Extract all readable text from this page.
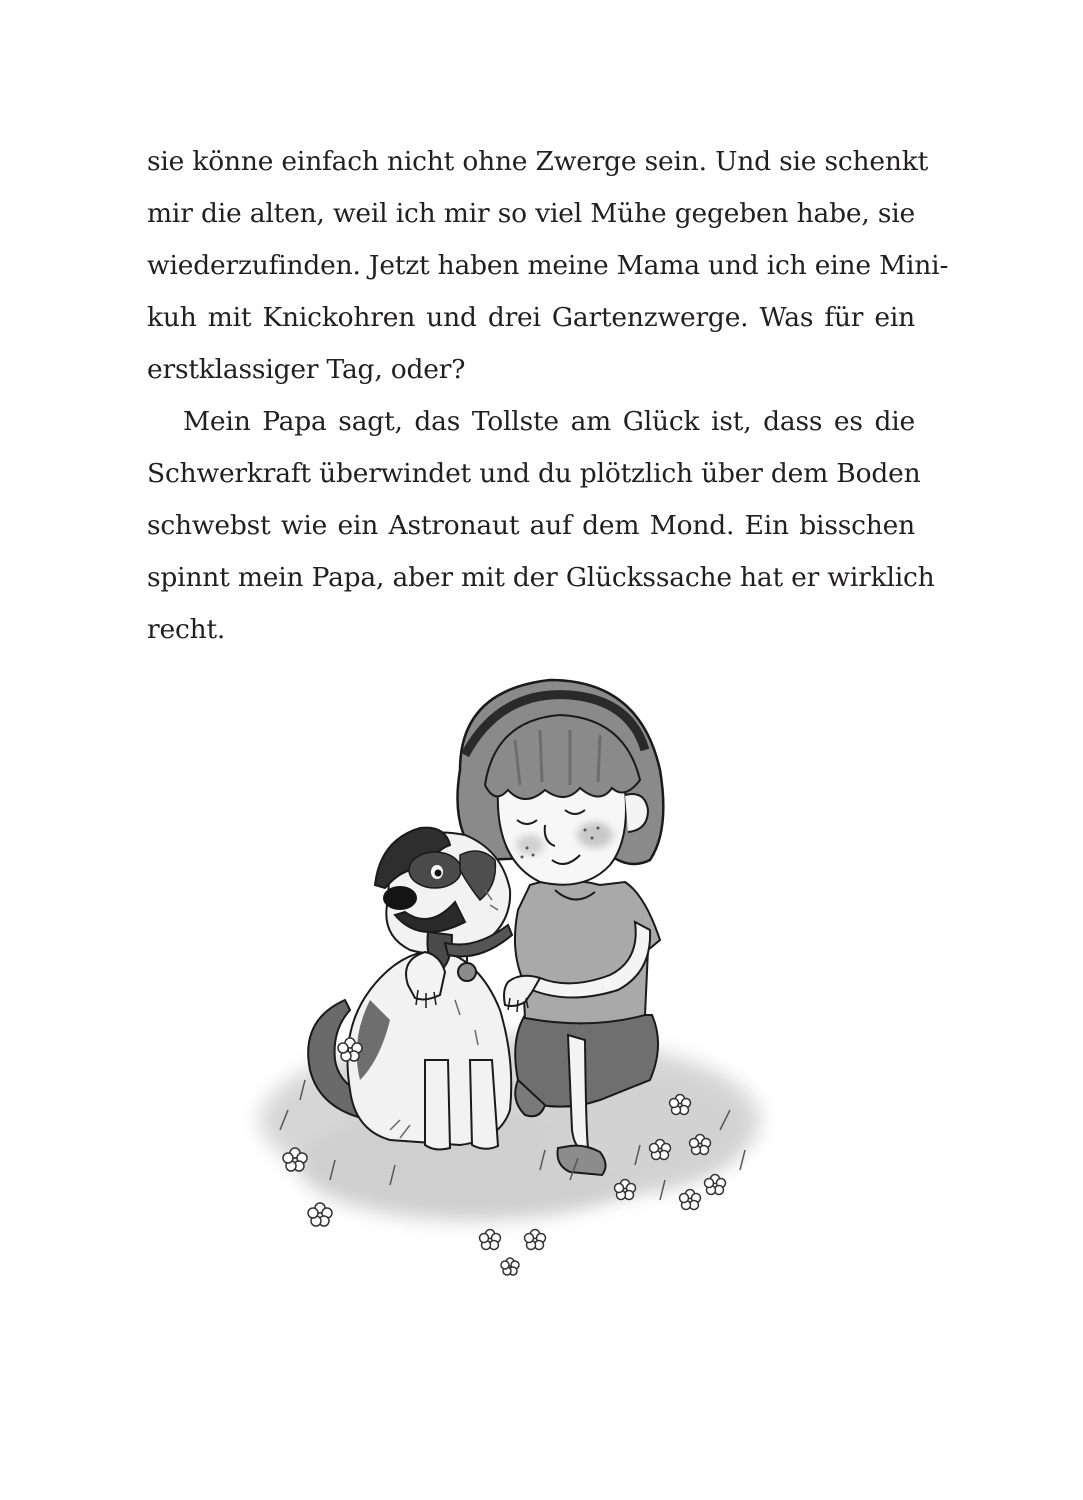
sie könne einfach nicht ohne Zwerge sein. Und sie schenkt
mir die alten, weil ich mir so viel Mühe gegeben habe, sie
wiederzufinden. Jetzt haben meine Mama und ich eine Mini-
kuh mit Knickohren und drei Gartenzwerge. Was für ein
erstklassiger Tag, oder?

Mein Papa sagt, das Tollste am Glück ist, dass es die
Schwerkraft überwindet und du plötzlich über dem Boden
schwebst wie ein Astronaut auf dem Mond. Ein bisschen
spinnt mein Papa, aber mit der Glückssache hat er wirklich
recht.
